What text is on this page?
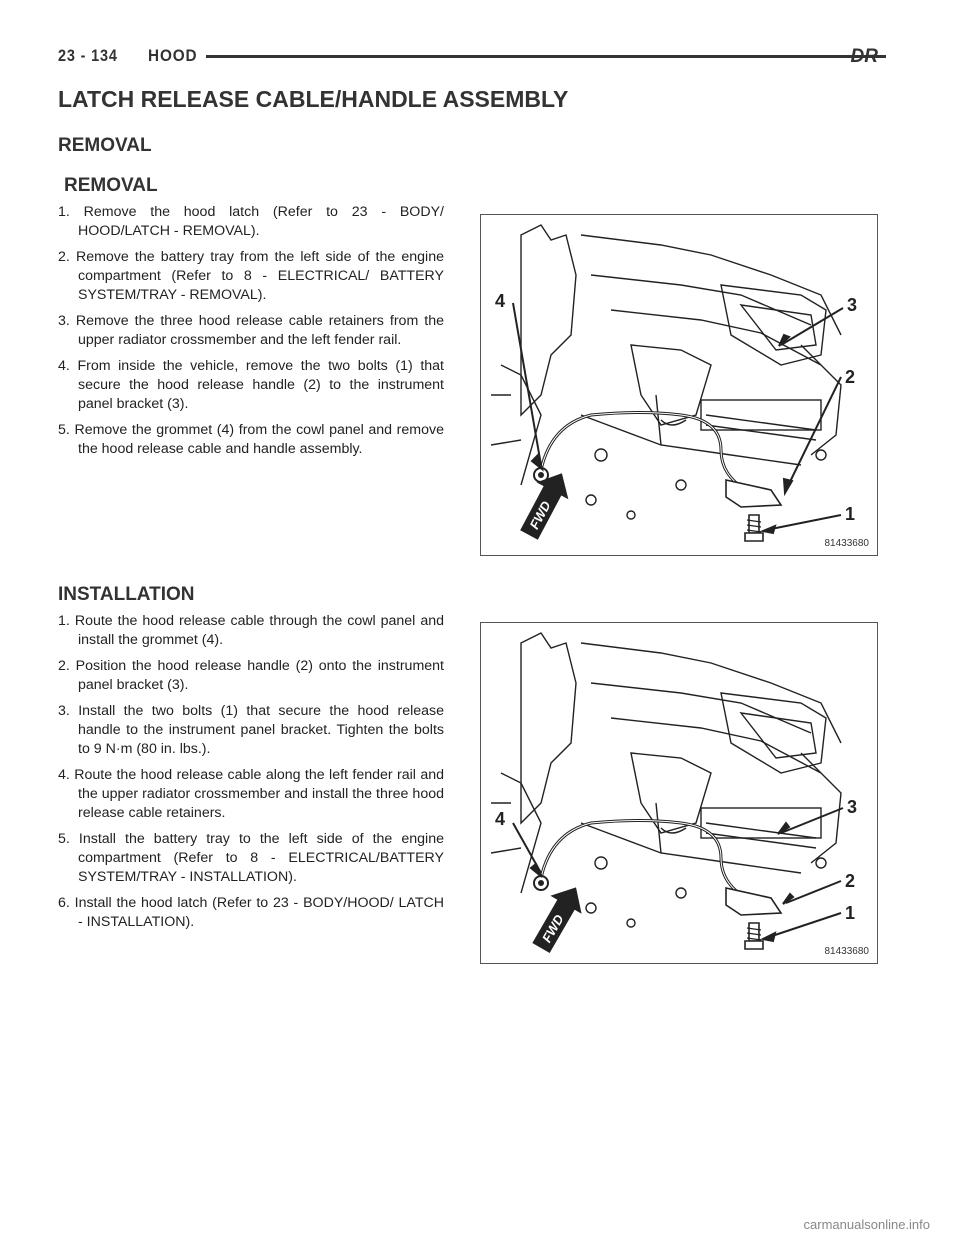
23 - 134 HOOD	DR
LATCH RELEASE CABLE/HANDLE ASSEMBLY
REMOVAL
REMOVAL
1. Remove the hood latch (Refer to 23 - BODY/ HOOD/LATCH - REMOVAL).
2. Remove the battery tray from the left side of the engine compartment (Refer to 8 - ELECTRICAL/ BATTERY SYSTEM/TRAY - REMOVAL).
3. Remove the three hood release cable retainers from the upper radiator crossmember and the left fender rail.
4. From inside the vehicle, remove the two bolts (1) that secure the hood release handle (2) to the instrument panel bracket (3).
5. Remove the grommet (4) from the cowl panel and remove the hood release cable and handle assembly.
4	3
2
1
FWD
81433680
INSTALLATION
1. Route the hood release cable through the cowl panel and install the grommet (4).
2. Position the hood release handle (2) onto the instrument panel bracket (3).
3. Install the two bolts (1) that secure the hood release handle to the instrument panel bracket. Tighten the bolts to 9 N·m (80 in. lbs.).
4. Route the hood release cable along the left fender rail and the upper radiator crossmember and install the three hood release cable retainers.
5. Install the battery tray to the left side of the engine compartment (Refer to 8 - ELECTRICAL/BATTERY SYSTEM/TRAY - INSTALLATION).
6. Install the hood latch (Refer to 23 - BODY/HOOD/ LATCH - INSTALLATION).
4
3
2
1
FWD
81433680
carmanualsonline.info
